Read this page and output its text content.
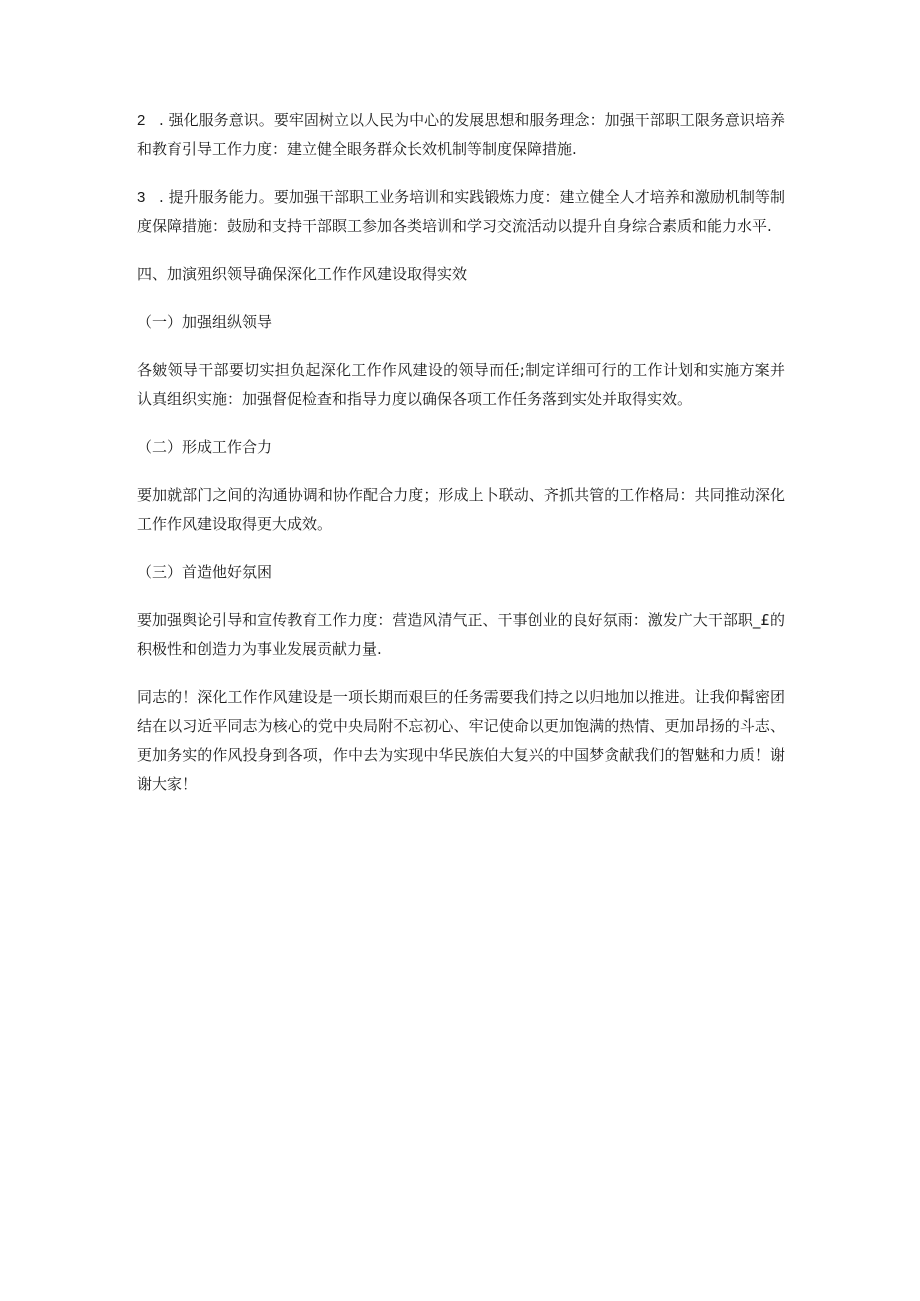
2 . 强化服务意识。要牢固树立以人民为中心的发展思想和服务理念：加强干部职工限务意识培养和教育引导工作力度：建立健全眼务群众长效机制等制度保障措施.

3 . 提升服务能力。要加强干部职工业务培训和实践锻炼力度：建立健全人才培养和激励机制等制度保障措施：鼓励和支持干部瞑工参加各类培训和学习交流活动以提升自身综合素质和能力水平.

四、加演殂织领导确保深化工作作风建设取得实效

（一）加强组纵领导

各皴领导干部要切实担负起深化工作作风建设的领导而任;制定详细可行的工作计划和实施方案并认真组织实施：加强督促检查和指导力度以确保各项工作任务落到实处并取得实效。

（二）形成工作合力

要加就部门之间的沟通协调和协作配合力度；形成上卜联动、齐抓共管的工作格局：共同推动深化工作作风建设取得更大成效。

（三）首造他好氛困

要加强舆论引导和宣传教育工作力度：营造风清气正、干事创业的良好氛雨：激发广大干部职_£的积极性和创造力为事业发展贡献力量.

同志的！深化工作作风建设是一项长期而艰巨的任务需要我们持之以归地加以推进。让我仰髯密团结在以习近平同志为核心的党中央局附不忘初心、牢记使命以更加饱满的热情、更加昂扬的斗志、更加务实的作风投身到各项，作中去为实现中华民族伯大复兴的中国梦贪献我们的智魅和力质！谢谢大家！
